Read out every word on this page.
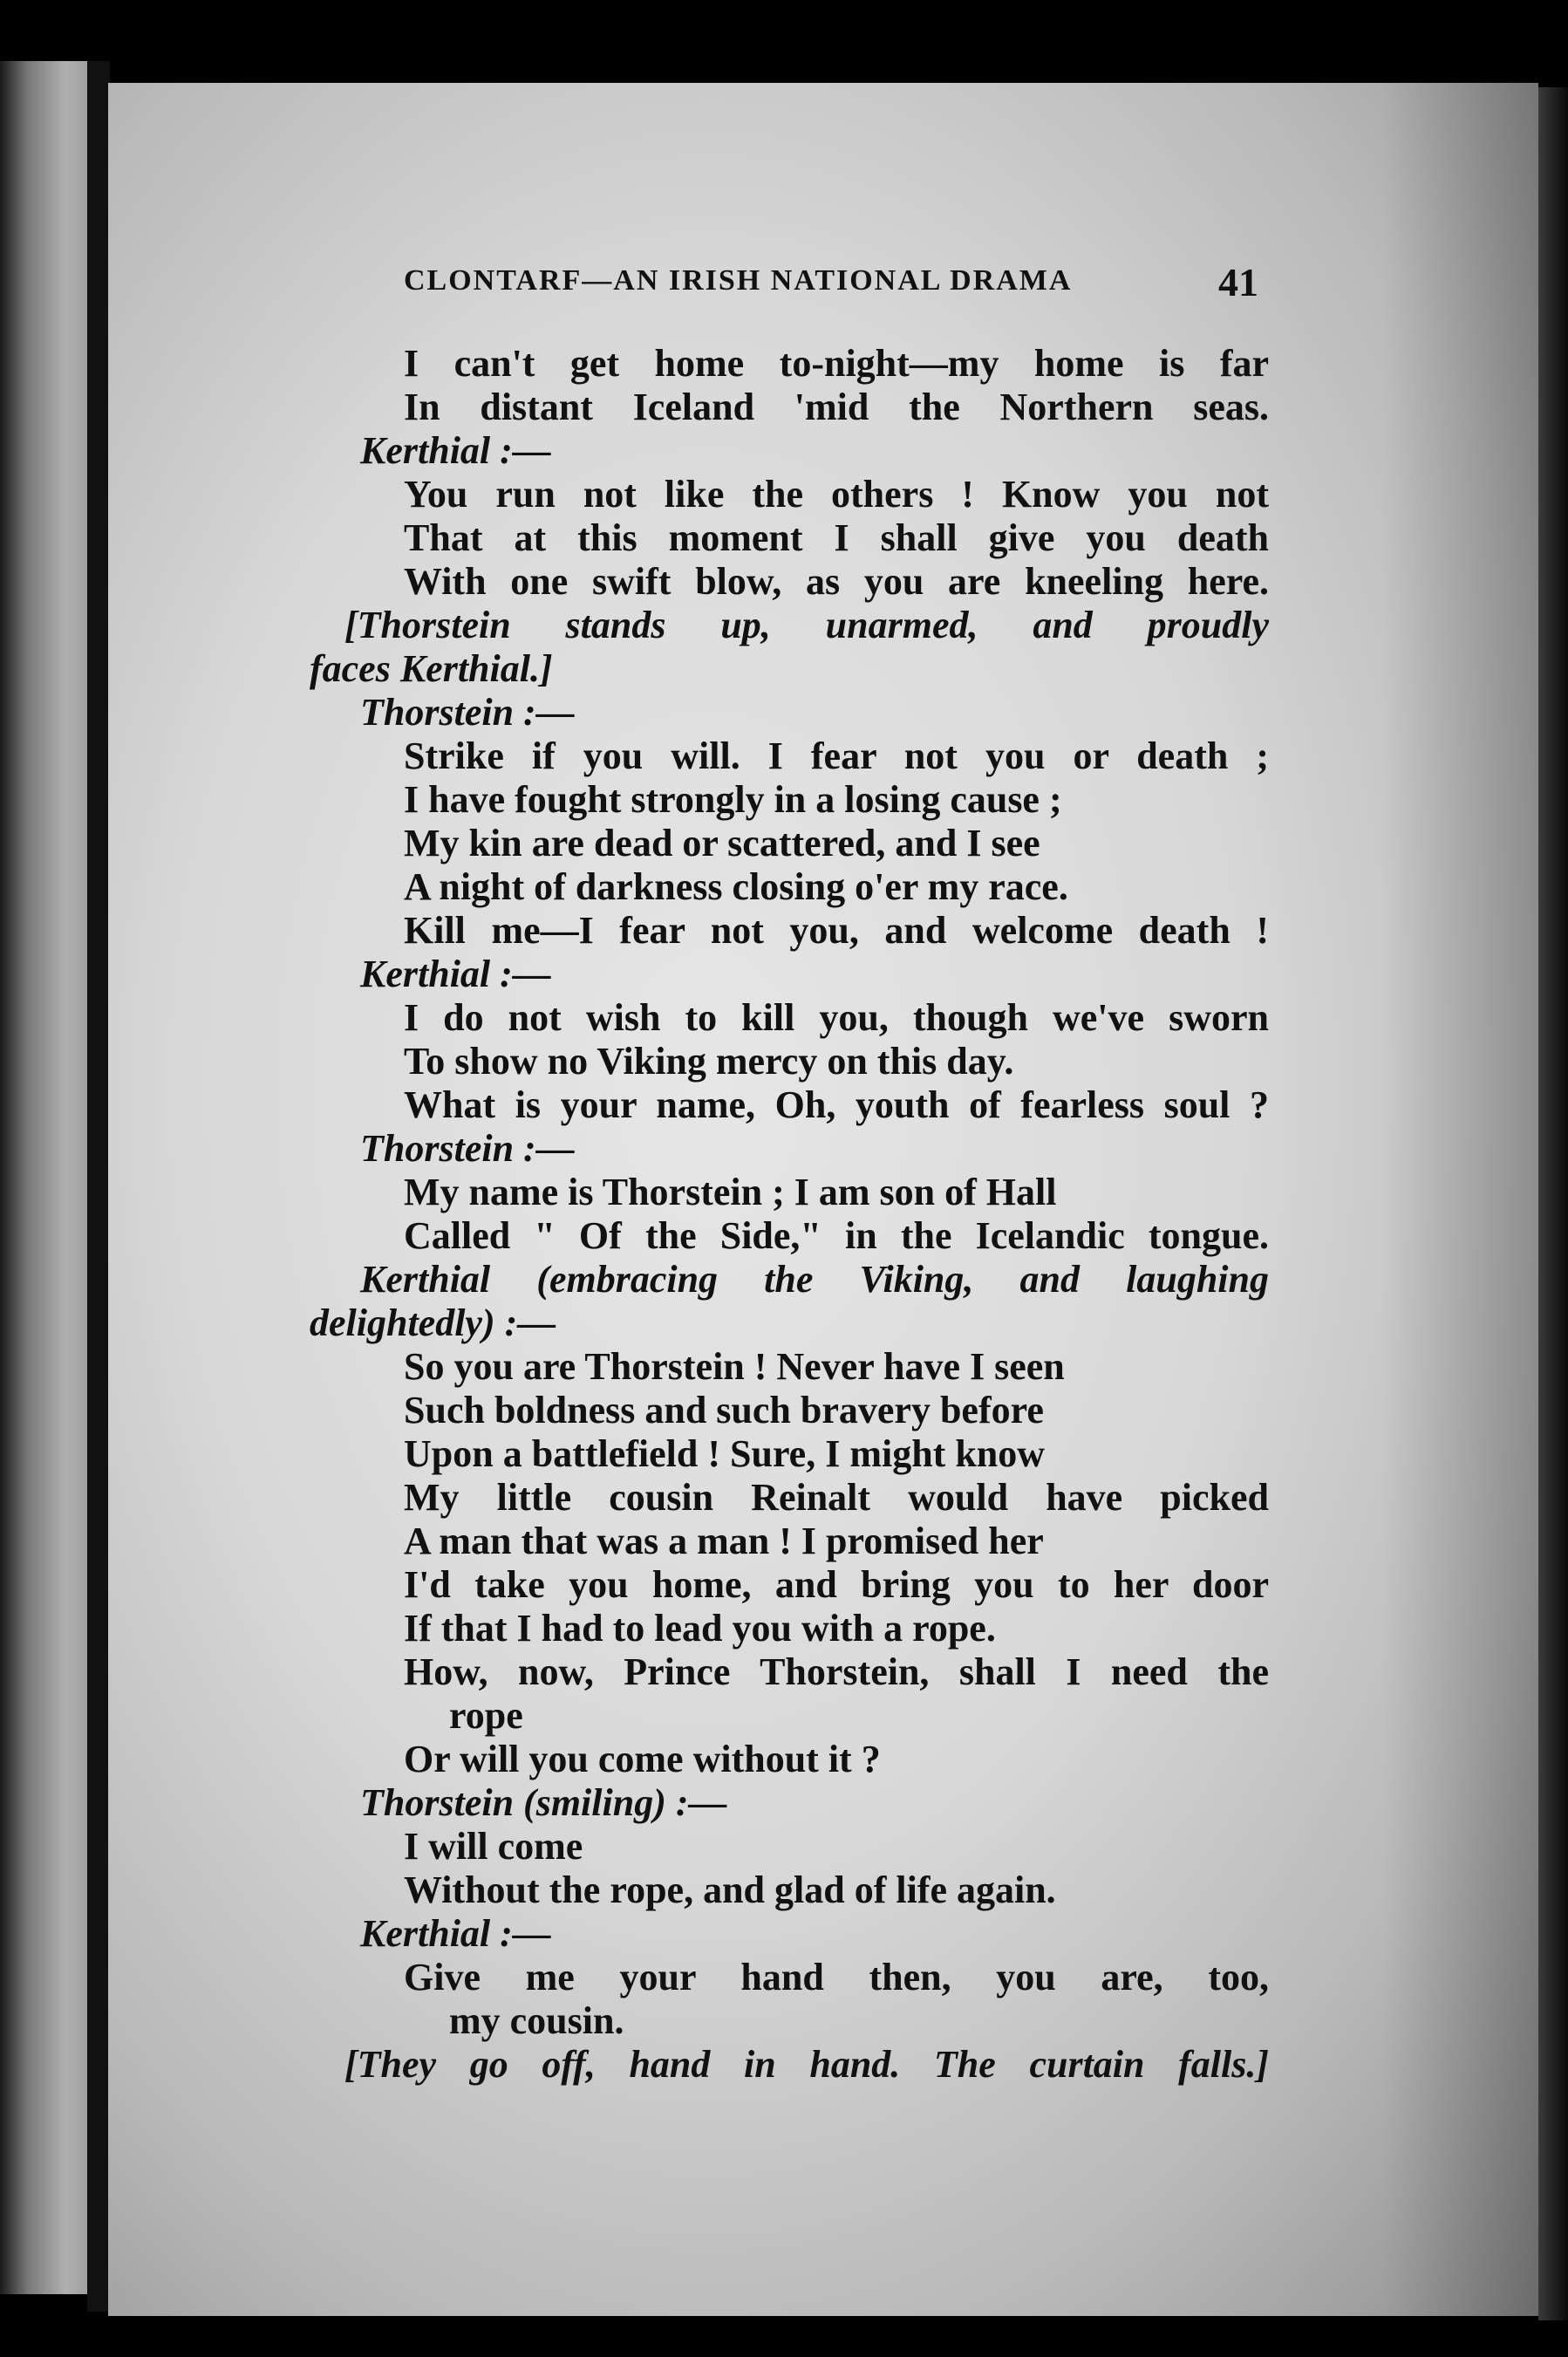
CLONTARF—AN IRISH NATIONAL DRAMA	41
I can't get home to-night—my home is far
In distant Iceland 'mid the Northern seas.
Kerthial :—
You run not like the others ! Know you not
That at this moment I shall give you death
With one swift blow, as you are kneeling here.
[Thorstein stands up, unarmed, and proudly
faces Kerthial.]
Thorstein :—
Strike if you will. I fear not you or death ;
I have fought strongly in a losing cause ;
My kin are dead or scattered, and I see
A night of darkness closing o'er my race.
Kill me—I fear not you, and welcome death !
Kerthial :—
I do not wish to kill you, though we've sworn
To show no Viking mercy on this day.
What is your name, Oh, youth of fearless soul ?
Thorstein :—
My name is Thorstein ; I am son of Hall
Called " Of the Side," in the Icelandic tongue.
Kerthial (embracing the Viking, and laughing
delightedly) :—
So you are Thorstein ! Never have I seen
Such boldness and such bravery before
Upon a battlefield ! Sure, I might know
My little cousin Reinalt would have picked
A man that was a man ! I promised her
I'd take you home, and bring you to her door
If that I had to lead you with a rope.
How, now, Prince Thorstein, shall I need the
rope
Or will you come without it ?
Thorstein (smiling) :—
I will come
Without the rope, and glad of life again.
Kerthial :—
Give me your hand then, you are, too,
my cousin.
[They go off, hand in hand. The curtain falls.]
